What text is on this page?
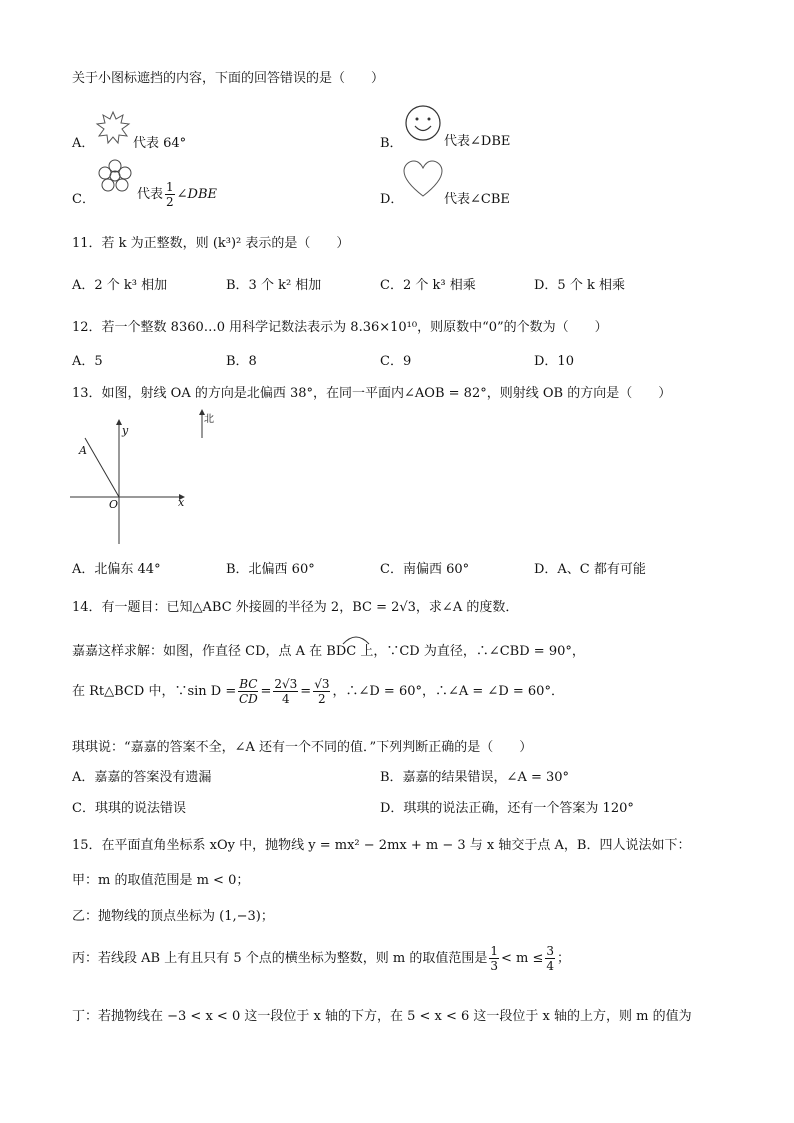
关于小图标遮挡的内容，下面的回答错误的是（　　）
A．	代表 64°	B．	代表∠DBE
C．	代表 $\frac{1}{2}$ ∠DBE	D．	代表∠CBE
11．若 k 为正整数，则 (k³)² 表示的是（　　）
A．2 个 k³ 相加	B．3 个 k² 相加	C．2 个 k³ 相乘	D．5 个 k 相乘
12．若一个整数 8360…0 用科学记数法表示为 8.36×10¹⁰，则原数中“0”的个数为（　　）
A．5	B．8	C．9	D．10
13．如图，射线 OA 的方向是北偏西 38°，在同一平面内∠AOB = 82°，则射线 OB 的方向是（　　）
北
y
x
A
O
A．北偏东 44°	B．北偏西 60°	C．南偏西 60°	D．A、C 都有可能
14．有一题目：已知△ABC 外接圆的半径为 2，BC = 2√3，求∠A 的度数．
嘉嘉这样求解：如图，作直径 CD，点 A 在 BDC 上，∵CD 为直径，∴∠CBD = 90°，
在 Rt△BCD 中，∵sin $D = \frac{BC}{CD} = \frac{2√3}{4} = \frac{√3}{2}$ ，∴∠D = 60°，∴∠A = ∠D = 60°．
琪琪说：“嘉嘉的答案不全，∠A 还有一个不同的值．”下列判断正确的是（　　）
A．嘉嘉的答案没有遗漏	B．嘉嘉的结果错误，∠A = 30°
C．琪琪的说法错误	D．琪琪的说法正确，还有一个答案为 120°
15．在平面直角坐标系 xOy 中，抛物线 y = mx² − 2mx + m − 3 与 x 轴交于点 A，B．四人说法如下：
甲：m 的取值范围是 m < 0；
乙：抛物线的顶点坐标为 (1,−3)；
丙：若线段 AB 上有且只有 5 个点的横坐标为整数，则 m 的取值范围是 $\frac{1}{3} < m \le \frac{3}{4}$ ；
丁：若抛物线在 −3 < x < 0 这一段位于 x 轴的下方，在 5 < x < 6 这一段位于 x 轴的上方，则 m 的值为
